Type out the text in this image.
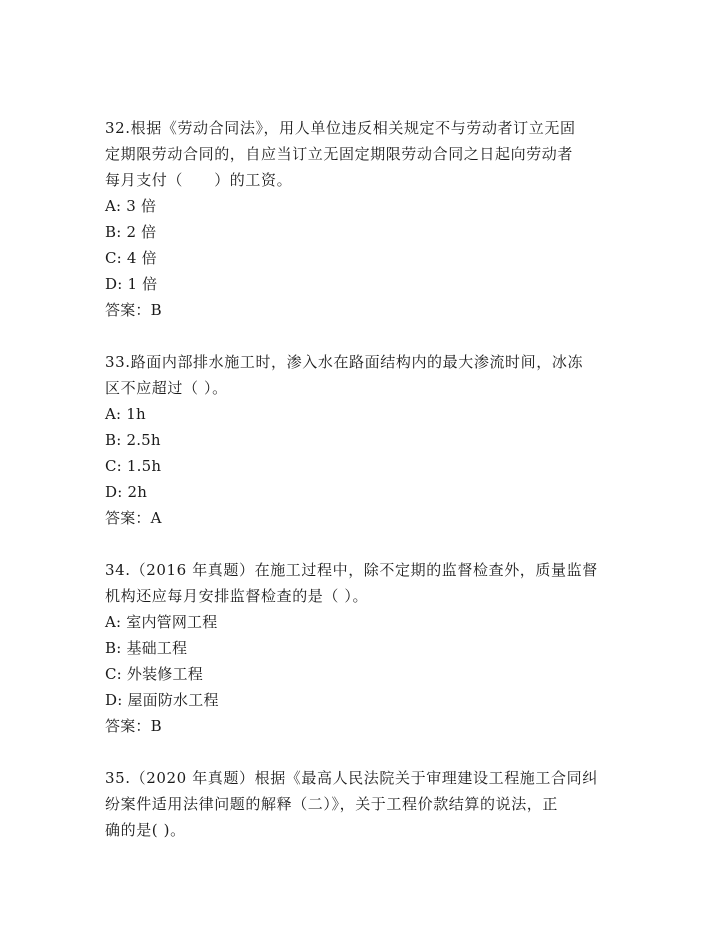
32.根据《劳动合同法》，用人单位违反相关规定不与劳动者订立无固
定期限劳动合同的，自应当订立无固定期限劳动合同之日起向劳动者
每月支付（　　）的工资。
A: 3 倍
B: 2 倍
C: 4 倍
D: 1 倍
答案：B
33.路面内部排水施工时，渗入水在路面结构内的最大渗流时间，冰冻
区不应超过（ ）。
A: 1h
B: 2.5h
C: 1.5h
D: 2h
答案：A
34.（2016 年真题）在施工过程中，除不定期的监督检查外，质量监督
机构还应每月安排监督检查的是（ ）。
A: 室内管网工程
B: 基础工程
C: 外装修工程
D: 屋面防水工程
答案：B
35.（2020 年真题）根据《最高人民法院关于审理建设工程施工合同纠
纷案件适用法律问题的解释（二）》，关于工程价款结算的说法，正
确的是( )。
